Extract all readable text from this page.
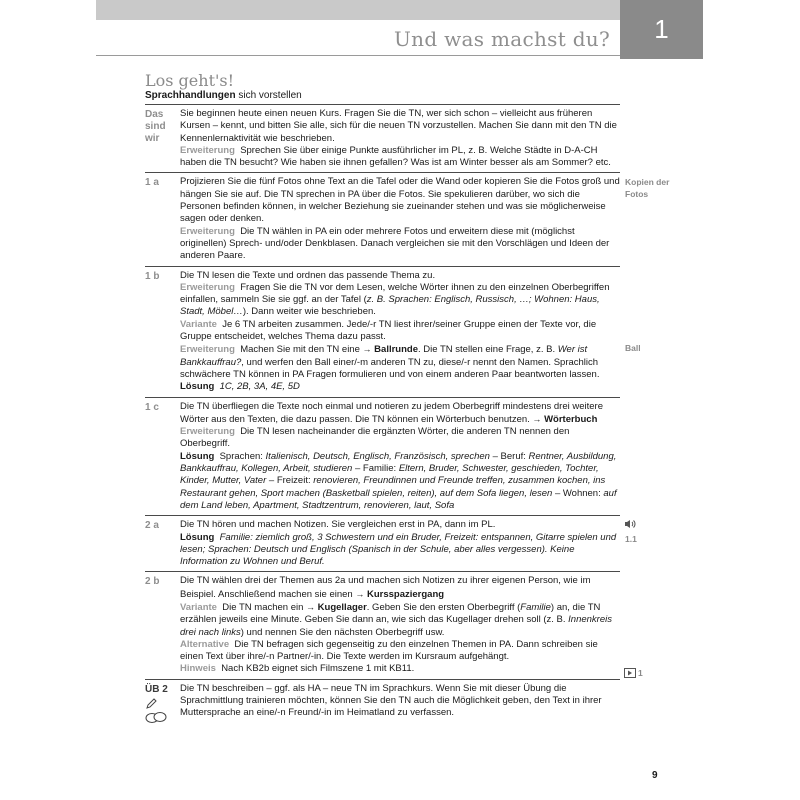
Und was machst du?	1
Los geht's!
Sprachhandlungen sich vorstellen
Das sind wir

Sie beginnen heute einen neuen Kurs. Fragen Sie die TN, wer sich schon – vielleicht aus früheren Kursen – kennt, und bitten Sie alle, sich für die neuen TN vorzustellen. Machen Sie dann mit den TN die Kennenlernaktivität wie beschrieben.

Erweiterung Sprechen Sie über einige Punkte ausführlicher im PL, z. B. Welche Städte in D-A-CH haben die TN besucht? Wie haben sie ihnen gefallen? Was ist am Winter besser als am Sommer? etc.

1 a	Projizieren Sie die fünf Fotos ohne Text an die Tafel oder die Wand oder kopieren Sie die Fotos groß und hängen Sie sie auf. Die TN sprechen in PA über die Fotos. Sie spekulieren darüber, wo sich die Personen befinden können, in welcher Beziehung sie zueinander stehen und was sie möglicherweise sagen oder denken.

Erweiterung Die TN wählen in PA ein oder mehrere Fotos und erweitern diese mit (möglichst originellen) Sprech- und/oder Denkblasen. Danach vergleichen sie mit den Vorschlägen und Ideen der anderen Paare.

Kopien der Fotos
1 b	Die TN lesen die Texte und ordnen das passende Thema zu.

Erweiterung Fragen Sie die TN vor dem Lesen, welche Wörter ihnen zu den einzelnen Oberbegriffen einfallen, sammeln Sie sie ggf. an der Tafel (z. B. Sprachen: Englisch, Russisch, …; Wohnen: Haus, Stadt, Möbel…). Dann weiter wie beschrieben.

Variante Je 6 TN arbeiten zusammen. Jede/-r TN liest ihrer/seiner Gruppe einen der Texte vor, die Gruppe entscheidet, welches Thema dazu passt.

Erweiterung Machen Sie mit den TN eine → Ballrunde. Die TN stellen eine Frage, z. B. Wer ist Bankkauffrau?, und werfen den Ball einer/-m anderen TN zu, diese/-r nennt den Namen. Sprachlich schwächere TN können in PA Fragen formulieren und von einem anderen Paar beantworten lassen.

Lösung 1C, 2B, 3A, 4E, 5D

Ball
1 c	Die TN überfliegen die Texte noch einmal und notieren zu jedem Oberbegriff mindestens drei weitere Wörter aus den Texten, die dazu passen. Die TN können ein Wörterbuch benutzen. → Wörterbuch

Erweiterung Die TN lesen nacheinander die ergänzten Wörter, die anderen TN nennen den Oberbegriff.

Lösung Sprachen: Italienisch, Deutsch, Englisch, Französisch, sprechen – Beruf: Rentner, Ausbildung, Bankkauffrau, Kollegen, Arbeit, studieren – Familie: Eltern, Bruder, Schwester, geschieden, Tochter, Kinder, Mutter, Vater – Freizeit: renovieren, Freundinnen und Freunde treffen, zusammen kochen, ins Restaurant gehen, Sport machen (Basketball spielen, reiten), auf dem Sofa liegen, lesen – Wohnen: auf dem Land leben, Apartment, Stadtzentrum, renovieren, laut, Sofa

2 a	Die TN hören und machen Notizen. Sie vergleichen erst in PA, dann im PL.

Lösung Familie: ziemlich groß, 3 Schwestern und ein Bruder, Freizeit: entspannen, Gitarre spielen und lesen; Sprachen: Deutsch und Englisch (Spanisch in der Schule, aber alles vergessen). Keine Information zu Wohnen und Beruf.

1.1
2 b	Die TN wählen drei der Themen aus 2a und machen sich Notizen zu ihrer eigenen Person, wie im Beispiel. Anschließend machen sie einen → Kursspaziergang

Variante Die TN machen ein → Kugellager. Geben Sie den ersten Oberbegriff (Familie) an, die TN erzählen jeweils eine Minute. Geben Sie dann an, wie sich das Kugellager drehen soll (z. B. Innenkreis drei nach links) und nennen Sie den nächsten Oberbegriff usw.

Alternative Die TN befragen sich gegenseitig zu den einzelnen Themen in PA. Dann schreiben sie einen Text über ihre/-n Partner/-in. Die Texte werden im Kursraum aufgehängt.

Hinweis Nach KB2b eignet sich Filmszene 1 mit KB11.	1
ÜB 2	Die TN beschreiben – ggf. als HA – neue TN im Sprachkurs. Wenn Sie mit dieser Übung die Sprachmittlung trainieren möchten, können Sie den TN auch die Möglichkeit geben, den Text in ihrer Muttersprache an eine/-n Freund/-in im Heimatland zu verfassen.

9
